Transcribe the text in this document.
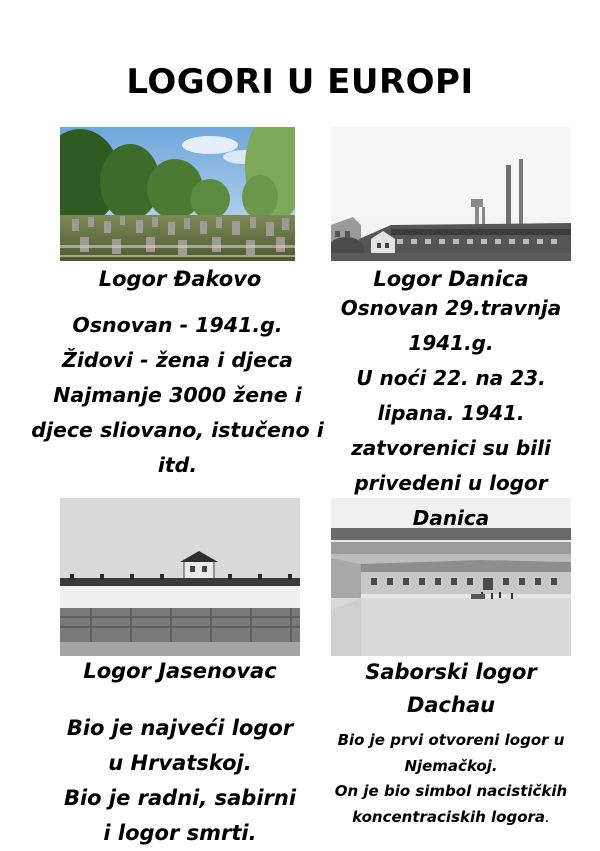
LOGORI U EUROPI
Logor Đakovo	Logor Danica
Logor Jasenovac	Saborski logor
Dachau
Osnovan - 1941.g.
Židovi - žena i djeca
Najmanje 3000 žene i
djece sliovano, istučeno i
itd.
Osnovan 29.travnja
1941.g.
U noći 22. na 23.
lipana. 1941.
zatvorenici su bili
privedeni u logor
Danica
Bio je najveći logor
u Hrvatskoj.
Bio je radni, sabirni
i logor smrti.
Bio je prvi otvoreni logor u
Njemačkoj.
On je bio simbol nacističkih
koncentraciskih logora.
